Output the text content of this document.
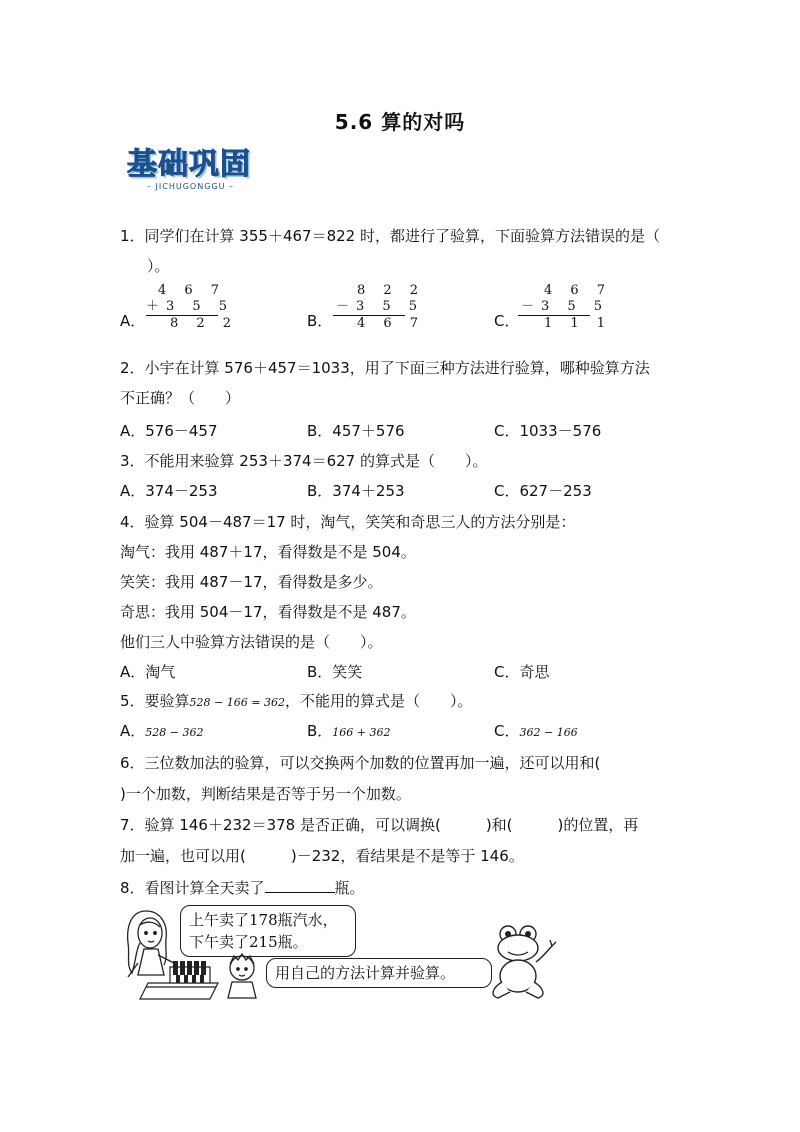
5.6 算的对吗
基础巩固
– JICHUGONGGU –
1．同学们在计算 355＋467＝822 时，都进行了验算，下面验算方法错误的是（
）。
A．
4 6 7
＋3 5 5
8 2 2	B．
8 2 2
－3 5 5
4 6 7	C．
4 6 7
－3 5 5
1 1 1
2．小宇在计算 576＋457＝1033，用了下面三种方法进行验算，哪种验算方法
不正确？（　　）
A．576－457	B．457＋576	C．1033－576
3．不能用来验算 253＋374＝627 的算式是（　　）。
A．374－253	B．374＋253	C．627－253
4．验算 504－487＝17 时，淘气，笑笑和奇思三人的方法分别是：
淘气：我用 487＋17，看得数是不是 504。
笑笑：我用 487－17，看得数是多少。
奇思：我用 504－17，看得数是不是 487。
他们三人中验算方法错误的是（　　）。
A．淘气	B．笑笑	C．奇思
5．要验算528 − 166 = 362，不能用的算式是（　　）。
A．528 − 362	B．166 + 362	C．362 − 166
6．三位数加法的验算，可以交换两个加数的位置再加一遍，还可以用和(
)一个加数，判断结果是否等于另一个加数。
7．验算 146＋232＝378 是否正确，可以调换(　　　)和(　　　)的位置，再
加一遍，也可以用(　　　)－232，看结果是不是等于 146。
8．看图计算全天卖了	瓶。
上午卖了178瓶汽水，
下午卖了215瓶。
用自己的方法计算并验算。
